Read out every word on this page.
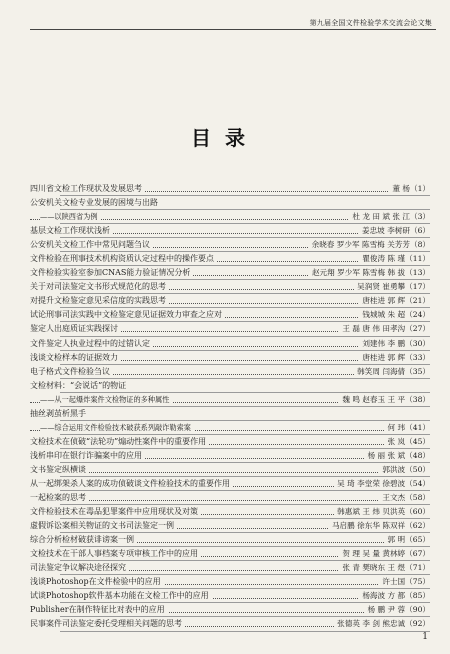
第九届全国文件检验学术交流会论文集
目录
四川省文检工作现状及发展思考	董 杨（1）
公安机关文检专业发展的困境与出路
——以陕西省为例	杜 龙 田 斌 张 江（3）
基层文检工作现状浅析	姜忠坡 李树研（6）
公安机关文检工作中常见问题刍议	余晓春 罗少军 陈雪梅 关芳芳（8）
文件检验在刑事技术机构资质认定过程中的操作要点	瞿俊涛 陈 瑾（11）
文件检验实验室参加CNAS能力验证情况分析	赵元翔 罗少军 陈雪梅 韩 拔（13）
关于对司法鉴定文书形式规范化的思考	吴润贤 崔勇攀（17）
对提升文检鉴定意见采信度的实践思考	唐桂进 郭 辉（21）
试论刑事司法实践中文检鉴定意见证据效力审查之应对	钱城城 朱 超（24）
鉴定人出庭质证实践探讨	王 磊 唐 伟 田孝沟（27）
文件鉴定人执业过程中的过错认定	刘建伟 李 鹏（30）
浅谈文检样本的证据效力	唐桂进 郭 辉（33）
电子格式文件检验刍议	韩笑周 闫海倩（35）
文检材料：“会说话”的物证
——从一起爆炸案件文检物证的多种属性	魏 鸣 赵春玉 王 平（38）
抽丝剥茧析黑手
——综合运用文件检验技术破获系列敲诈勒索案	何 玮（41）
文检技术在侦破“法轮功”煽动性案件中的重要作用	张 岚（45）
浅析串印在银行诈骗案中的应用	杨 丽 张 斌（48）
文书鉴定纵横谈	郭洪波（50）
从一起绑架杀人案的成功侦破谈文件检验技术的重要作用	吴 琦 李堂荣 徐碧波（54）
一起检案的思考	王文杰（58）
文件检验技术在毒品犯罪案件中应用现状及对策	韩惠斌 王 炜 贝洪英（60）
虚假诉讼案相关物证的文书司法鉴定一例	马启鹏 徐东华 陈双祥（62）
综合分析检材破获诽谤案一例	郭 明（65）
文检技术在干部人事档案专项审核工作中的应用	贺 理 吴 量 黄林婷（67）
司法鉴定争议解决途径探究	张 青 樊晓东 王 煜（71）
浅谈Photoshop在文件检验中的应用	许士国（75）
试谈Photoshop软件基本功能在文检工作中的应用	杨海波 方 都（85）
Publisher在制作特征比对表中的应用	杨 鹏 尹 蓉（90）
民事案件司法鉴定委托受理相关问题的思考	张德英 李 剑 熊忠诚（92）
1
